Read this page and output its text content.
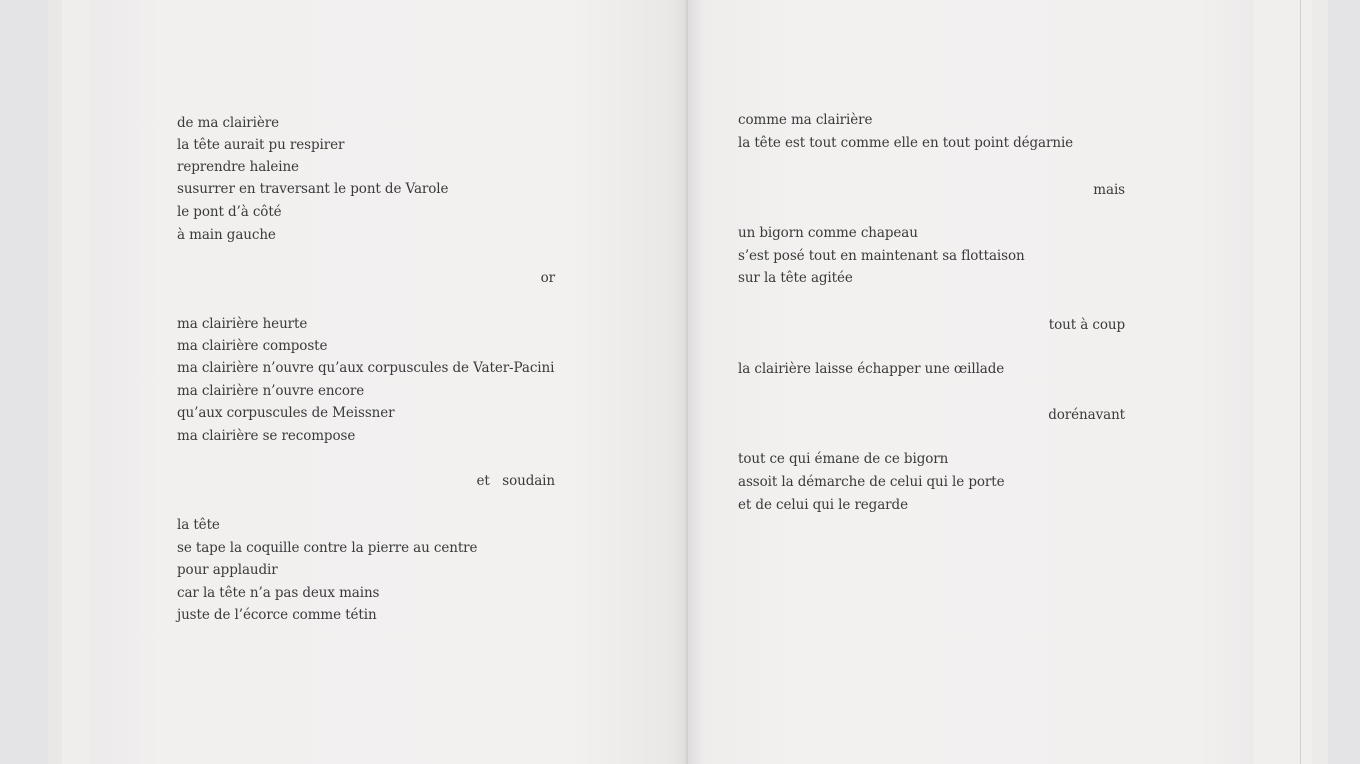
de ma clairière
la tête aurait pu respirer
reprendre haleine
susurrer en traversant le pont de Varole
le pont d’à côté
à main gauche
or
ma clairière heurte
ma clairière composte
ma clairière n’ouvre qu’aux corpuscules de Vater-Pacini
ma clairière n’ouvre encore
qu’aux corpuscules de Meissner
ma clairière se recompose
et   soudain
la tête
se tape la coquille contre la pierre au centre
pour applaudir
car la tête n’a pas deux mains
juste de l’écorce comme tétin
comme ma clairière
la tête est tout comme elle en tout point dégarnie
mais
un bigorn comme chapeau
s’est posé tout en maintenant sa flottaison
sur la tête agitée
tout à coup
la clairière laisse échapper une œillade
dorénavant
tout ce qui émane de ce bigorn
assoit la démarche de celui qui le porte
et de celui qui le regarde
